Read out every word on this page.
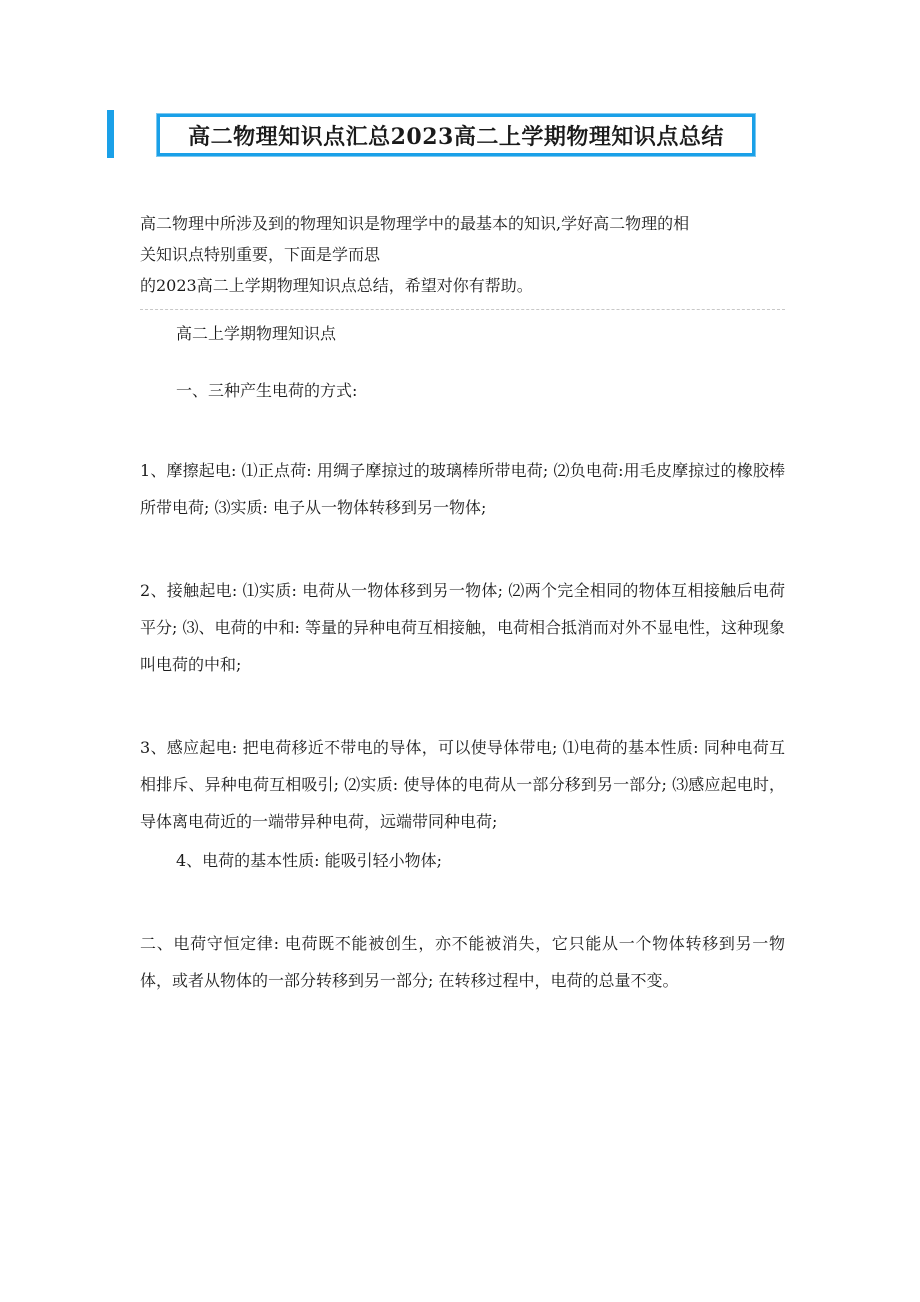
高二物理知识点汇总2023高二上学期物理知识点总结

高二物理中所涉及到的物理知识是物理学中的最基本的知识,学好高二物理的相

关知识点特别重要，下面是学而思

的2023高二上学期物理知识点总结，希望对你有帮助。

高二上学期物理知识点

一、三种产生电荷的方式:

1、摩擦起电: ⑴正点荷: 用绸子摩掠过的玻璃棒所带电荷; ⑵负电荷:用毛皮摩掠过的橡胶棒所带电荷; ⑶实质: 电子从一物体转移到另一物体;

2、接触起电: ⑴实质: 电荷从一物体移到另一物体; ⑵两个完全相同的物体互相接触后电荷平分; ⑶、电荷的中和: 等量的异种电荷互相接触，电荷相合抵消而对外不显电性，这种现象叫电荷的中和;

3、感应起电: 把电荷移近不带电的导体，可以使导体带电; ⑴电荷的基本性质: 同种电荷互相排斥、异种电荷互相吸引; ⑵实质: 使导体的电荷从一部分移到另一部分; ⑶感应起电时，导体离电荷近的一端带异种电荷，远端带同种电荷;

4、电荷的基本性质: 能吸引轻小物体;

二、电荷守恒定律: 电荷既不能被创生，亦不能被消失，它只能从一个物体转移到另一物体，或者从物体的一部分转移到另一部分; 在转移过程中，电荷的总量不变。
